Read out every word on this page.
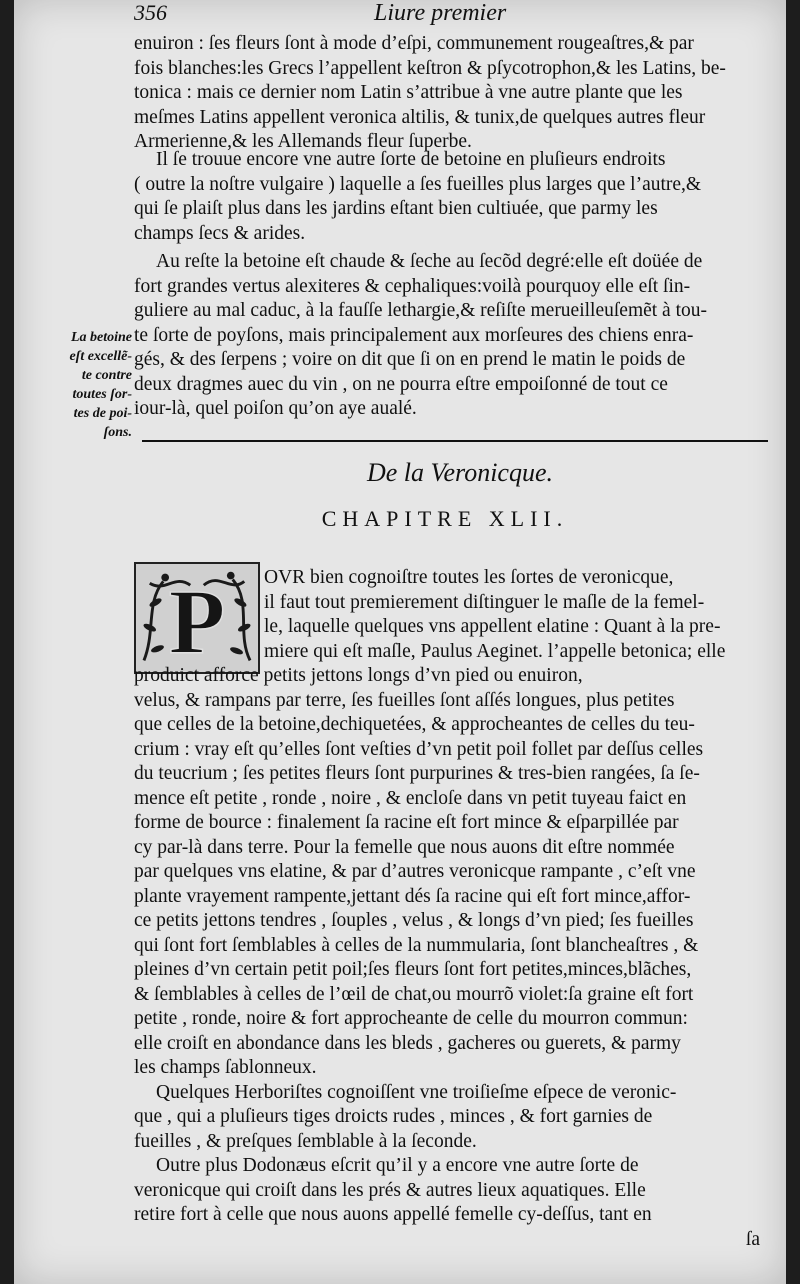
356	Liure premier
enuiron : ſes fleurs ſont à mode d’eſpi, communement rougeaſtres,& par
fois blanches:les Grecs l’appellent keſtron & pſycotrophon,& les Latins, be-
tonica : mais ce dernier nom Latin s’attribue à vne autre plante que les
meſmes Latins appellent veronica altilis, & tunix,de quelques autres fleur
Armerienne,& les Allemands fleur ſuperbe.
Il ſe trouue encore vne autre ſorte de betoine en pluſieurs endroits
( outre la noſtre vulgaire ) laquelle a ſes fueilles plus larges que l’autre,&
qui ſe plaiſt plus dans les jardins eſtant bien cultiuée, que parmy les
champs ſecs & arides.
Au reſte la betoine eſt chaude & ſeche au ſecõd degré:elle eſt doüée de
fort grandes vertus alexiteres & cephaliques:voilà pourquoy elle eſt ſin-
guliere au mal caduc, à la fauſſe lethargie,& reſiſte merueilleuſemẽt à tou-
te ſorte de poyſons, mais principalement aux morſeures des chiens enra-
gés, & des ſerpens ; voire on dit que ſi on en prend le matin le poids de
deux dragmes auec du vin , on ne pourra eſtre empoiſonné de tout ce
iour-là, quel poiſon qu’on aye aualé.
La betoine
eſt excellẽ-
te contre
toutes ſor-
tes de poi-
ſons.
De la Veronicque.
CHAPITRE XLII.
P OVR bien cognoiſtre toutes les ſortes de veronicque,
il faut tout premierement diſtinguer le maſle de la femel-
le, laquelle quelques vns appellent elatine : Quant à la pre-
miere qui eſt maſle, Paulus Aeginet. l’appelle betonica; elle
produict afforce petits jettons longs d’vn pied ou enuiron,
velus, & rampans par terre, ſes fueilles ſont aſſés longues, plus petites
que celles de la betoine,dechiquetées, & approcheantes de celles du teu-
crium : vray eſt qu’elles ſont veſties d’vn petit poil follet par deſſus celles
du teucrium ; ſes petites fleurs ſont purpurines & tres-bien rangées, ſa ſe-
mence eſt petite , ronde , noire , & encloſe dans vn petit tuyeau faict en
forme de bource : finalement ſa racine eſt fort mince & eſparpillée par
cy par-là dans terre. Pour la femelle que nous auons dit eſtre nommée
par quelques vns elatine, & par d’autres veronicque rampante , c’eſt vne
plante vrayement rampente,jettant dés ſa racine qui eſt fort mince,affor-
ce petits jettons tendres , ſouples , velus , & longs d’vn pied; ſes fueilles
qui ſont fort ſemblables à celles de la nummularia, ſont blancheaſtres , &
pleines d’vn certain petit poil;ſes fleurs ſont fort petites,minces,blãches,
& ſemblables à celles de l’œil de chat,ou mourrõ violet:ſa graine eſt fort
petite , ronde, noire & fort approcheante de celle du mourron commun:
elle croiſt en abondance dans les bleds , gacheres ou guerets, & parmy
les champs ſablonneux.
Quelques Herboriſtes cognoiſſent vne troiſieſme eſpece de veronic-
que , qui a pluſieurs tiges droicts rudes , minces , & fort garnies de
fueilles , & preſques ſemblable à la ſeconde.
Outre plus Dodonæus eſcrit qu’il y a encore vne autre ſorte de
veronicque qui croiſt dans les prés & autres lieux aquatiques. Elle
retire fort à celle que nous auons appellé femelle cy-deſſus, tant en
ſa
